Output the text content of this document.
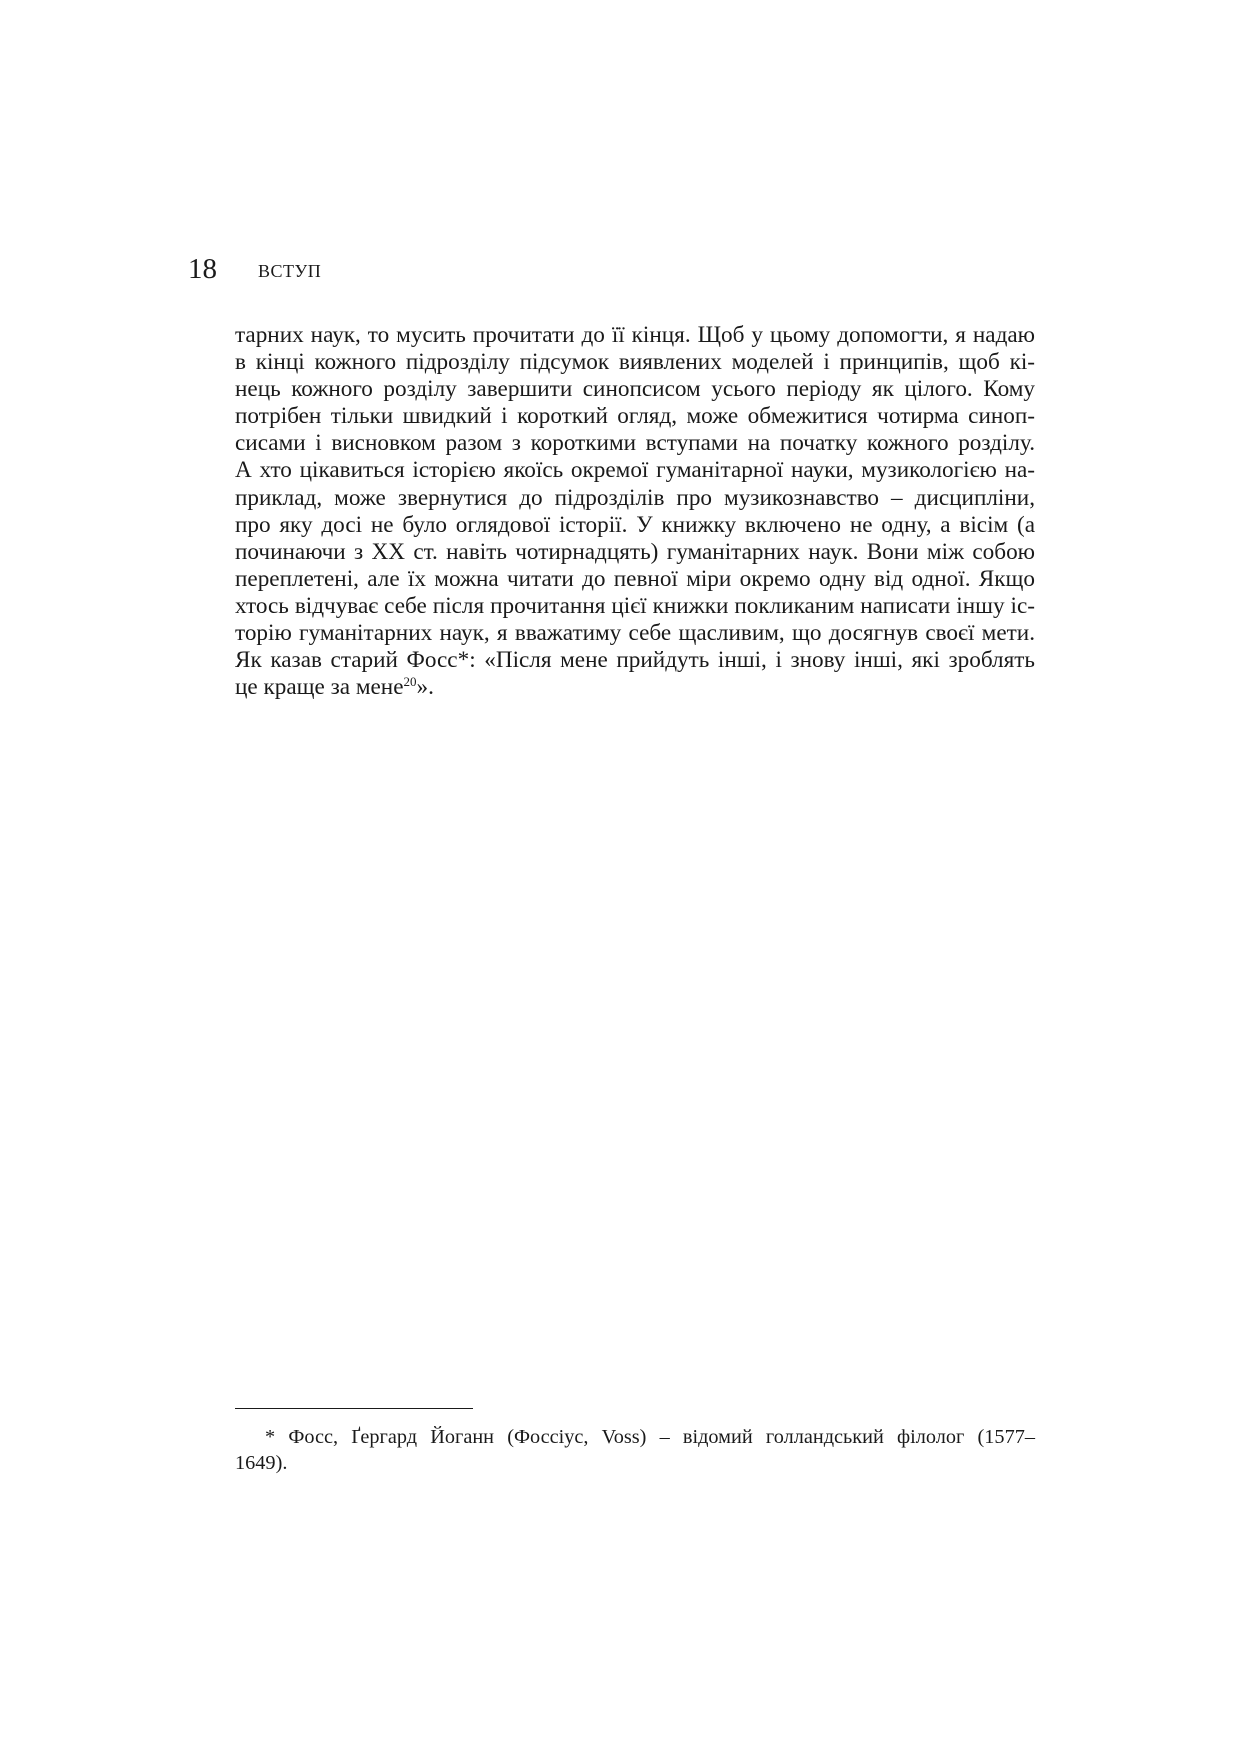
18 ВСТУП
тарних наук, то мусить прочитати до її кінця. Щоб у цьому допомогти, я надаю
в кінці кожного підрозділу підсумок виявлених моделей і принципів, щоб кі-
нець кожного розділу завершити синопсисом усього періоду як цілого. Кому
потрібен тільки швидкий і короткий огляд, може обмежитися чотирма синоп-
сисами і висновком разом з короткими вступами на початку кожного розділу.
А хто цікавиться історією якоїсь окремої гуманітарної науки, музикологією на-
приклад, може звернутися до підрозділів про музикознавство – дисципліни,
про яку досі не було оглядової історії. У книжку включено не одну, а вісім (а
починаючи з XX ст. навіть чотирнадцять) гуманітарних наук. Вони між собою
переплетені, але їх можна читати до певної міри окремо одну від одної. Якщо
хтось відчуває себе після прочитання цієї книжки покликаним написати іншу іс-
торію гуманітарних наук, я вважатиму себе щасливим, що досягнув своєї мети.
Як казав старий Фосс*: «Після мене прийдуть інші, і знову інші, які зроблять
це краще за мене$^{20}$».
* Фосс, Ґергард Йоганн (Фоссіус, Voss) – відомий голландський філолог (1577–
1649).
